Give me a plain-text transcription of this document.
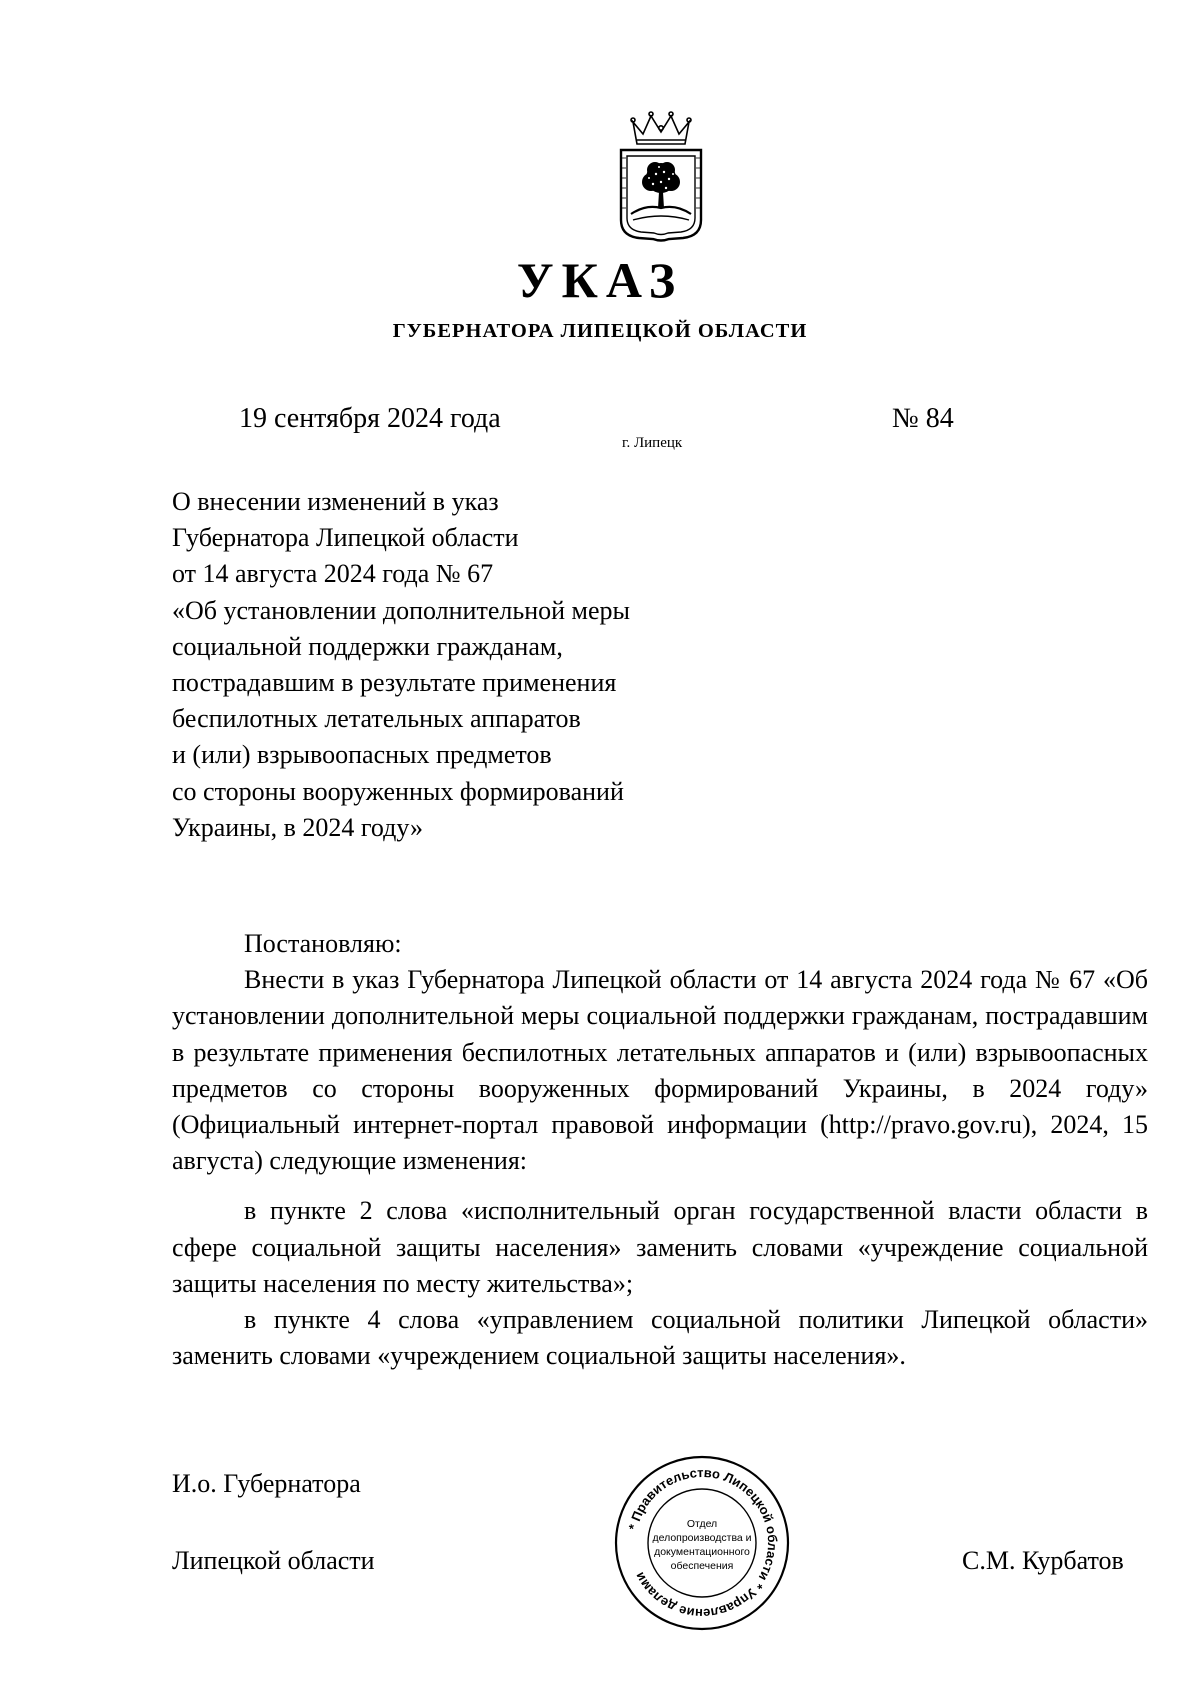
УКАЗ
ГУБЕРНАТОРА ЛИПЕЦКОЙ ОБЛАСТИ
19 сентября 2024 года
г. Липецк
№ 84
О внесении изменений в указ
Губернатора Липецкой области
от 14 августа 2024 года № 67
«Об установлении дополнительной меры
социальной поддержки гражданам,
пострадавшим в результате применения
беспилотных летательных аппаратов
и (или) взрывоопасных предметов
со стороны вооруженных формирований
Украины, в 2024 году»

Постановляю:

Внести в указ Губернатора Липецкой области от 14 августа 2024 года № 67 «Об установлении дополнительной меры социальной поддержки гражданам, пострадавшим в результате применения беспилотных летательных аппаратов и (или) взрывоопасных предметов со стороны вооруженных формирований Украины, в 2024 году» (Официальный интернет-портал правовой информации (http://pravo.gov.ru), 2024, 15 августа) следующие изменения:

в пункте 2 слова «исполнительный орган государственной власти области в сфере социальной защиты населения» заменить словами «учреждение социальной защиты населения по месту жительства»;

в пункте 4 слова «управлением социальной политики Липецкой области» заменить словами «учреждением социальной защиты населения».

И.о. Губернатора
Липецкой области	С.М. Курбатов
* Правительство Липецкой области * Управление делами
Отдел
делопроизводства и
документационного
обеспечения
